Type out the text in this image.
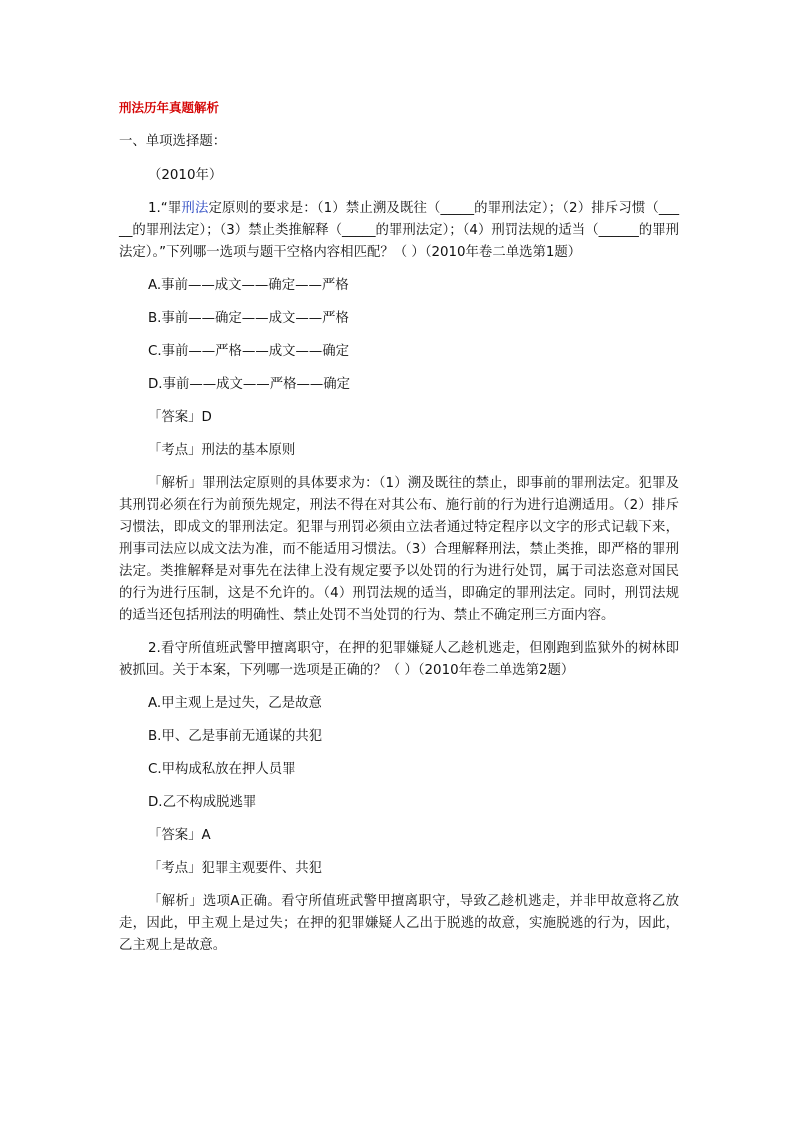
刑法历年真题解析
一、单项选择题：
（2010年）
1.“罪刑法定原则的要求是：（1）禁止溯及既往（_____的罪刑法定）；（2）排斥习惯（_____的罪刑法定）；（3）禁止类推解释（_____的罪刑法定）；（4）刑罚法规的适当（______的罪刑法定）。”下列哪一选项与题干空格内容相匹配？（ ）（2010年卷二单选第1题）
A.事前——成文——确定——严格
B.事前——确定——成文——严格
C.事前——严格——成文——确定
D.事前——成文——严格——确定
「答案」D
「考点」刑法的基本原则
「解析」罪刑法定原则的具体要求为：（1）溯及既往的禁止，即事前的罪刑法定。犯罪及其刑罚必须在行为前预先规定，刑法不得在对其公布、施行前的行为进行追溯适用。（2）排斥习惯法，即成文的罪刑法定。犯罪与刑罚必须由立法者通过特定程序以文字的形式记载下来，刑事司法应以成文法为准，而不能适用习惯法。（3）合理解释刑法，禁止类推，即严格的罪刑法定。类推解释是对事先在法律上没有规定要予以处罚的行为进行处罚，属于司法恣意对国民的行为进行压制，这是不允许的。（4）刑罚法规的适当，即确定的罪刑法定。同时，刑罚法规的适当还包括刑法的明确性、禁止处罚不当处罚的行为、禁止不确定刑三方面内容。
2.看守所值班武警甲擅离职守，在押的犯罪嫌疑人乙趁机逃走，但刚跑到监狱外的树林即被抓回。关于本案，下列哪一选项是正确的？（ ）（2010年卷二单选第2题）
A.甲主观上是过失，乙是故意
B.甲、乙是事前无通谋的共犯
C.甲构成私放在押人员罪
D.乙不构成脱逃罪
「答案」A
「考点」犯罪主观要件、共犯
「解析」选项A正确。看守所值班武警甲擅离职守，导致乙趁机逃走，并非甲故意将乙放走，因此，甲主观上是过失；在押的犯罪嫌疑人乙出于脱逃的故意，实施脱逃的行为，因此，乙主观上是故意。
